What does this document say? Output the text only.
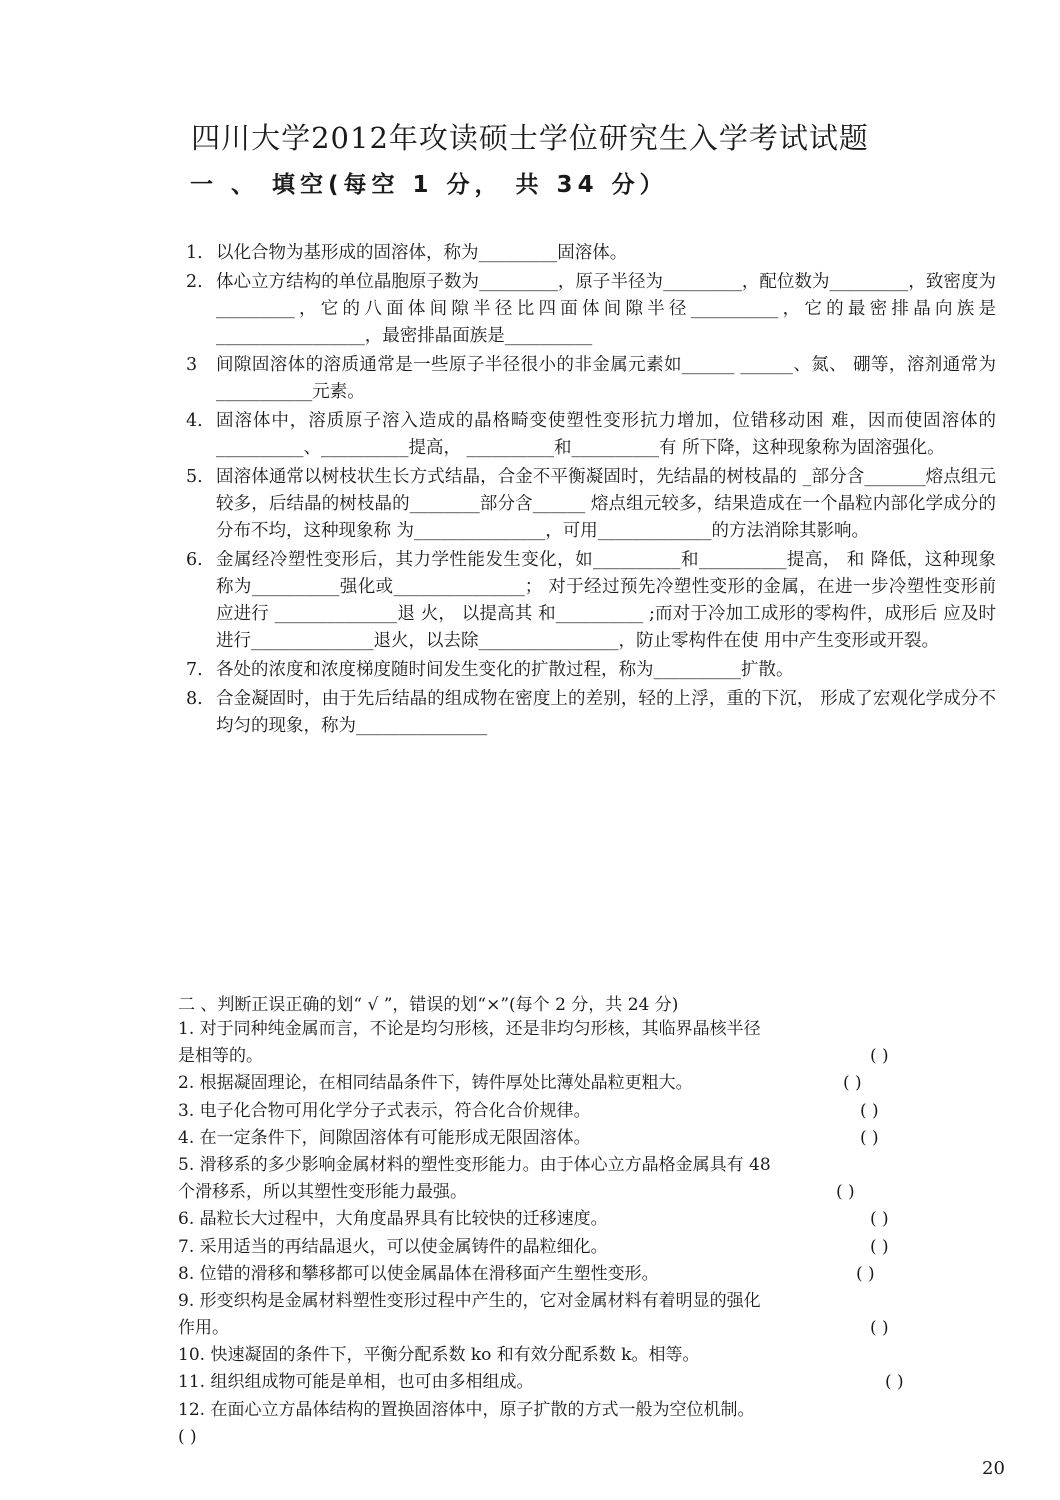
四川大学2012年攻读硕士学位研究生入学考试试题
一 、 填空(每空 1 分， 共 34 分）
1. 以化合物为基形成的固溶体，称为_________固溶体。
2. 体心立方结构的单位晶胞原子数为_________，原子半径为_________，配位数为_________，致密度为_________，它的八面体间隙半径比四面体间隙半径__________，它的最密排晶向族是_________________，最密排晶面族是__________
3	间隙固溶体的溶质通常是一些原子半径很小的非金属元素如______ ______、氮、 硼等，溶剂通常为___________元素。
4. 固溶体中，溶质原子溶入造成的晶格畸变使塑性变形抗力增加，位错移动困 难，因而使固溶体的__________、__________提高， __________和__________有 所下降，这种现象称为固溶强化。
5. 固溶体通常以树枝状生长方式结晶，合金不平衡凝固时，先结晶的树枝晶的 _部分含_______熔点组元较多，后结晶的树枝晶的________部分含______ 熔点组元较多，结果造成在一个晶粒内部化学成分的分布不均，这种现象称 为_______________，可用_____________的方法消除其影响。
6. 金属经冷塑性变形后，其力学性能发生变化，如__________和__________提高， 和 降低，这种现象称为__________强化或_______________； 对于经过预先冷塑性变形的金属，在进一步冷塑性变形前应进行 ______________退 火， 以提高其 和__________ ;而对于冷加工成形的零构件，成形后 应及时进行______________退火，以去除________________，防止零构件在使 用中产生变形或开裂。
7. 各处的浓度和浓度梯度随时间发生变化的扩散过程，称为__________扩散。
8. 合金凝固时，由于先后结晶的组成物在密度上的差别，轻的上浮，重的下沉， 形成了宏观化学成分不均匀的现象，称为_______________
二 、判断正误正确的划“ √ ”，错误的划“×”(每个 2 分，共 24 分)
1. 对于同种纯金属而言，不论是均匀形核，还是非均匀形核，其临界晶核半径
是相等的。	( )
2. 根据凝固理论，在相同结晶条件下，铸件厚处比薄处晶粒更粗大。	( )
3. 电子化合物可用化学分子式表示，符合化合价规律。	( )
4. 在一定条件下，间隙固溶体有可能形成无限固溶体。	( )
5. 滑移系的多少影响金属材料的塑性变形能力。由于体心立方晶格金属具有 48
个滑移系，所以其塑性变形能力最强。	( )
6. 晶粒长大过程中，大角度晶界具有比较快的迁移速度。	( )
7. 采用适当的再结晶退火，可以使金属铸件的晶粒细化。	( )
8. 位错的滑移和攀移都可以使金属晶体在滑移面产生塑性变形。	( )
9. 形变织构是金属材料塑性变形过程中产生的，它对金属材料有着明显的强化
作用。	( )
10. 快速凝固的条件下，平衡分配系数 ko 和有效分配系数 k。相等。
11. 组织组成物可能是单相，也可由多相组成。	( )
12. 在面心立方晶体结构的置换固溶体中，原子扩散的方式一般为空位机制。
( )
20
